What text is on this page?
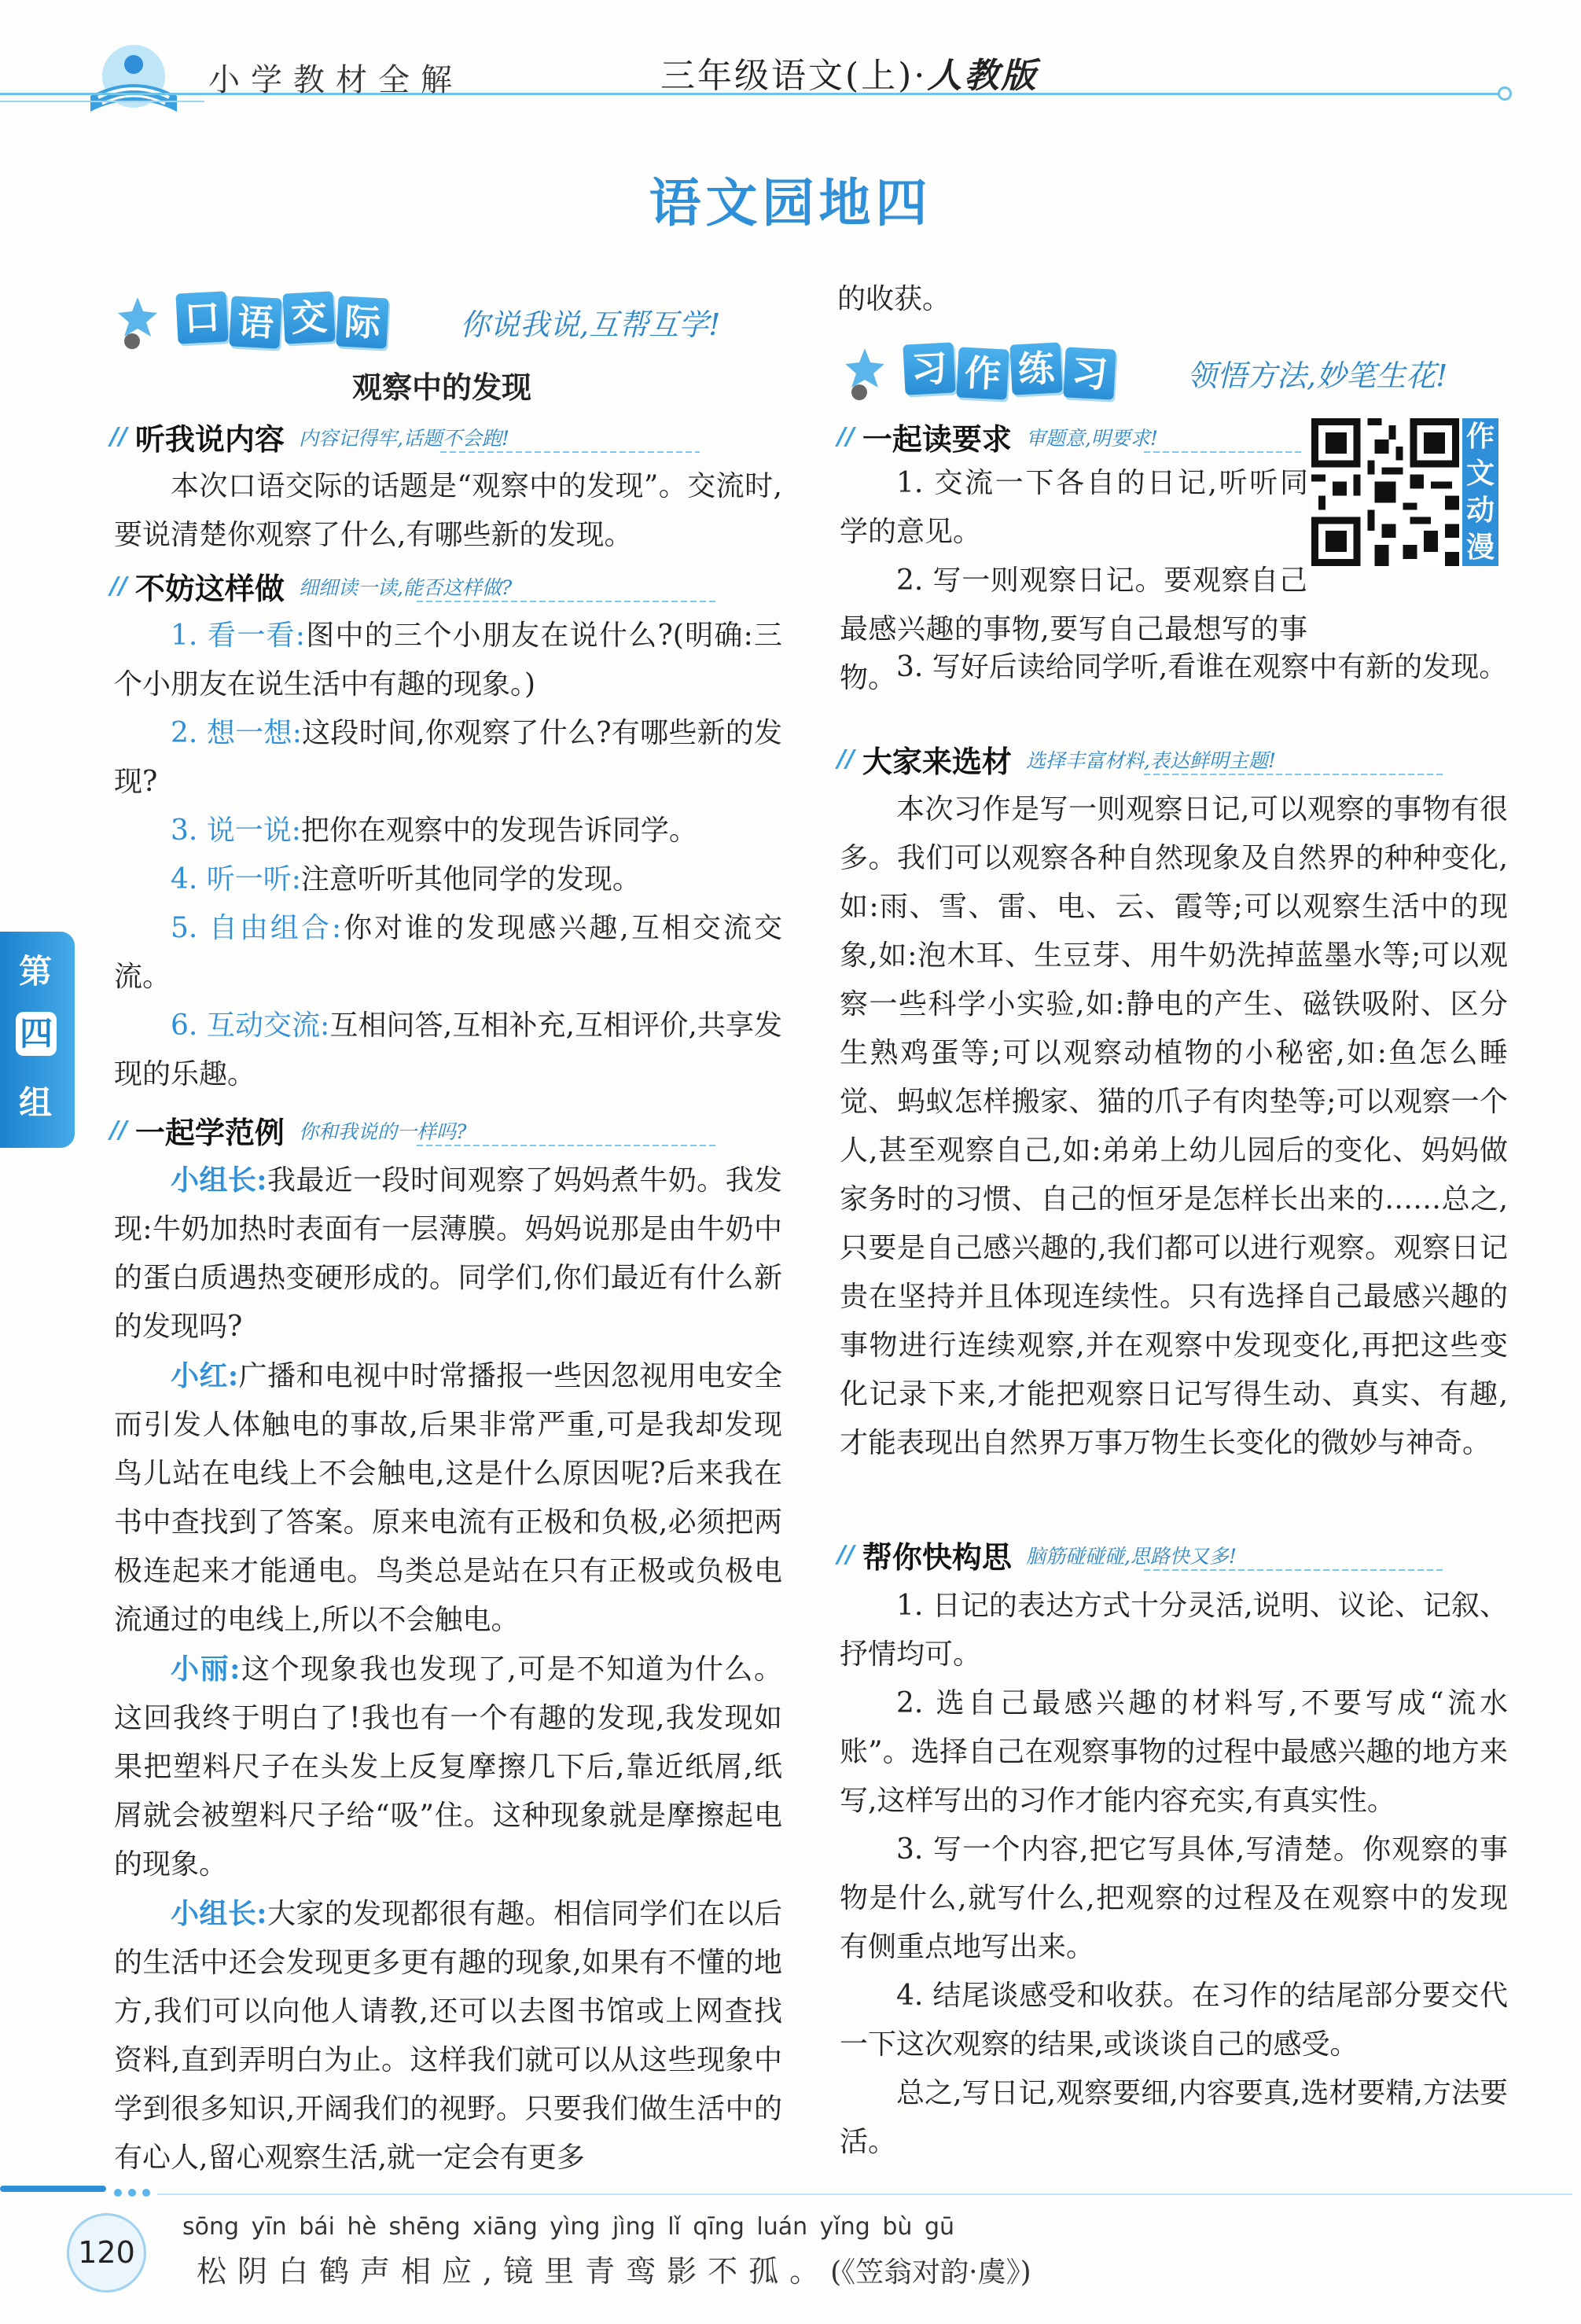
小学教材全解	三年级语文(上)·人教版
语文园地四
口 语 交 际	你说我说,互帮互学!
观察中的发现
// 听我说内容 内容记得牢,话题不会跑!
本次口语交际的话题是“观察中的发现”。交流时,要说清楚你观察了什么,有哪些新的发现。
// 不妨这样做 细细读一读,能否这样做?
1. 看一看:图中的三个小朋友在说什么?(明确:三个小朋友在说生活中有趣的现象。)
2. 想一想:这段时间,你观察了什么?有哪些新的发现?
3. 说一说:把你在观察中的发现告诉同学。
4. 听一听:注意听听其他同学的发现。
5. 自由组合:你对谁的发现感兴趣,互相交流交流。
6. 互动交流:互相问答,互相补充,互相评价,共享发现的乐趣。
// 一起学范例 你和我说的一样吗?
小组长:我最近一段时间观察了妈妈煮牛奶。我发现:牛奶加热时表面有一层薄膜。妈妈说那是由牛奶中的蛋白质遇热变硬形成的。同学们,你们最近有什么新的发现吗?
小红:广播和电视中时常播报一些因忽视用电安全而引发人体触电的事故,后果非常严重,可是我却发现鸟儿站在电线上不会触电,这是什么原因呢?后来我在书中查找到了答案。原来电流有正极和负极,必须把两极连起来才能通电。鸟类总是站在只有正极或负极电流通过的电线上,所以不会触电。
小丽:这个现象我也发现了,可是不知道为什么。这回我终于明白了!我也有一个有趣的发现,我发现如果把塑料尺子在头发上反复摩擦几下后,靠近纸屑,纸屑就会被塑料尺子给“吸”住。这种现象就是摩擦起电的现象。
小组长:大家的发现都很有趣。相信同学们在以后的生活中还会发现更多更有趣的现象,如果有不懂的地方,我们可以向他人请教,还可以去图书馆或上网查找资料,直到弄明白为止。这样我们就可以从这些现象中学到很多知识,开阔我们的视野。只要我们做生活中的有心人,留心观察生活,就一定会有更多
第
四
组
的收获。
习 作 练 习	领悟方法,妙笔生花!
// 一起读要求 审题意,明要求!	作文动漫
1. 交流一下各自的日记,听听同学的意见。
2. 写一则观察日记。要观察自己最感兴趣的事物,要写自己最想写的事物。 3. 写好后读给同学听,看谁在观察中有新的发现。
// 大家来选材 选择丰富材料,表达鲜明主题!
本次习作是写一则观察日记,可以观察的事物有很多。我们可以观察各种自然现象及自然界的种种变化,如:雨、雪、雷、电、云、霞等;可以观察生活中的现象,如:泡木耳、生豆芽、用牛奶洗掉蓝墨水等;可以观察一些科学小实验,如:静电的产生、磁铁吸附、区分生熟鸡蛋等;可以观察动植物的小秘密,如:鱼怎么睡觉、蚂蚁怎样搬家、猫的爪子有肉垫等;可以观察一个人,甚至观察自己,如:弟弟上幼儿园后的变化、妈妈做家务时的习惯、自己的恒牙是怎样长出来的……总之,只要是自己感兴趣的,我们都可以进行观察。观察日记贵在坚持并且体现连续性。只有选择自己最感兴趣的事物进行连续观察,并在观察中发现变化,再把这些变化记录下来,才能把观察日记写得生动、真实、有趣,才能表现出自然界万事万物生长变化的微妙与神奇。
// 帮你快构思 脑筋碰碰碰,思路快又多!
1. 日记的表达方式十分灵活,说明、议论、记叙、抒情均可。
2. 选自己最感兴趣的材料写,不要写成“流水账”。选择自己在观察事物的过程中最感兴趣的地方来写,这样写出的习作才能内容充实,有真实性。
3. 写一个内容,把它写具体,写清楚。你观察的事物是什么,就写什么,把观察的过程及在观察中的发现有侧重点地写出来。
4. 结尾谈感受和收获。在习作的结尾部分要交代一下这次观察的结果,或谈谈自己的感受。
总之,写日记,观察要细,内容要真,选材要精,方法要活。
120
sōng yīn bái hè shēng xiāng yìng jìng lǐ qīng luán yǐng bù gū
松阴白鹤声相应,镜里青鸾影不孤。(《笠翁对韵·虞》)
